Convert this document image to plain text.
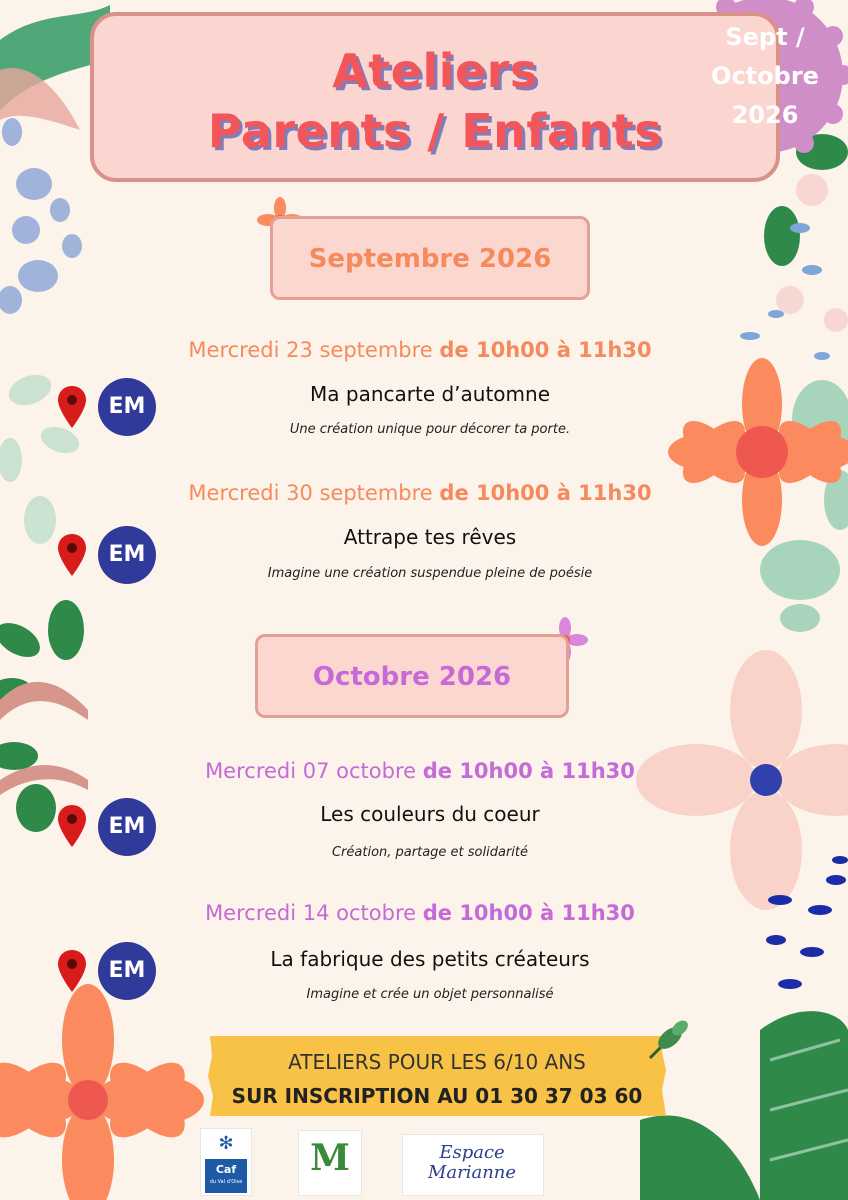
Ateliers
Parents / Enfants
Sept /
Octobre
2026
Septembre 2026
Mercredi 23 septembre de 10h00 à 11h30
EM	Ma pancarte d’automne
Une création unique pour décorer ta porte.
Mercredi 30 septembre de 10h00 à 11h30
EM
Attrape tes rêves
Imagine une création suspendue pleine de poésie
Octobre 2026
Mercredi 07 octobre de 10h00 à 11h30
EM	Les couleurs du coeur
Création, partage et solidarité
Mercredi 14 octobre de 10h00 à 11h30
EM	La fabrique des petits créateurs
Imagine et crée un objet personnalisé
ATELIERS POUR LES 6/10 ANS
SUR INSCRIPTION AU 01 30 37 03 60
✻
Caf
du Val d'Oise
M	Espace
Marianne
